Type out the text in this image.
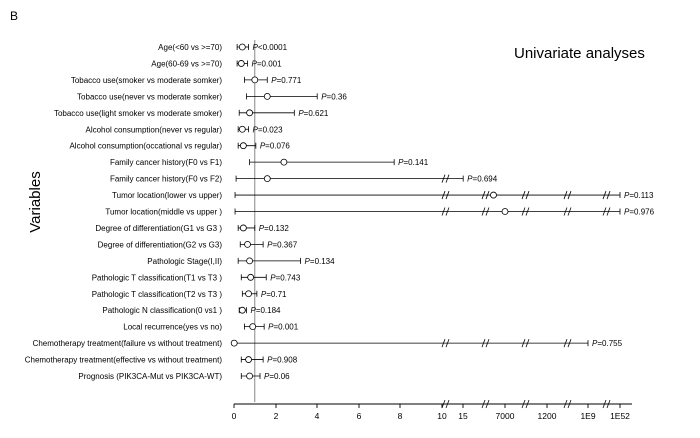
B
Univariate analyses
Variables
0	2	4	6	8	10 15	7000	1200	1E9 1E52
Age(<60 vs >=70)	P<0.0001
Age(60-69 vs >=70)	P=0.001
Tobacco use(smoker vs moderate somker)	P=0.771
Tobacco use(never vs moderate somker)	P=0.36
Tobacco use(light smoker vs moderate smoker)	P=0.621
Alcohol consumption(never vs regular)	P=0.023
Alcohol consumption(occational vs regular)	P=0.076
Family cancer history(F0 vs F1)	P=0.141
Family cancer history(F0 vs F2)	P=0.694
Tumor location(lower vs upper)	P=0.113
Tumor location(middle vs upper )	P=0.976
Degree of differentiation(G1 vs G3 )	P=0.132
Degree of differentiation(G2 vs G3)	P=0.367
Pathologic Stage(I,II)	P=0.134
Pathologic T classification(T1 vs T3 )	P=0.743
Pathologic T classification(T2 vs T3 )	P=0.71
Pathologic N classification(0 vs1 )	P=0.184
Local recurrence(yes vs no)	P=0.001
Chemotherapy treatment(failure vs without treatment)	P=0.755
Chemotherapy treatment(effective vs without treatment)	P=0.908
Prognosis (PIK3CA-Mut vs PIK3CA-WT)	P=0.06
